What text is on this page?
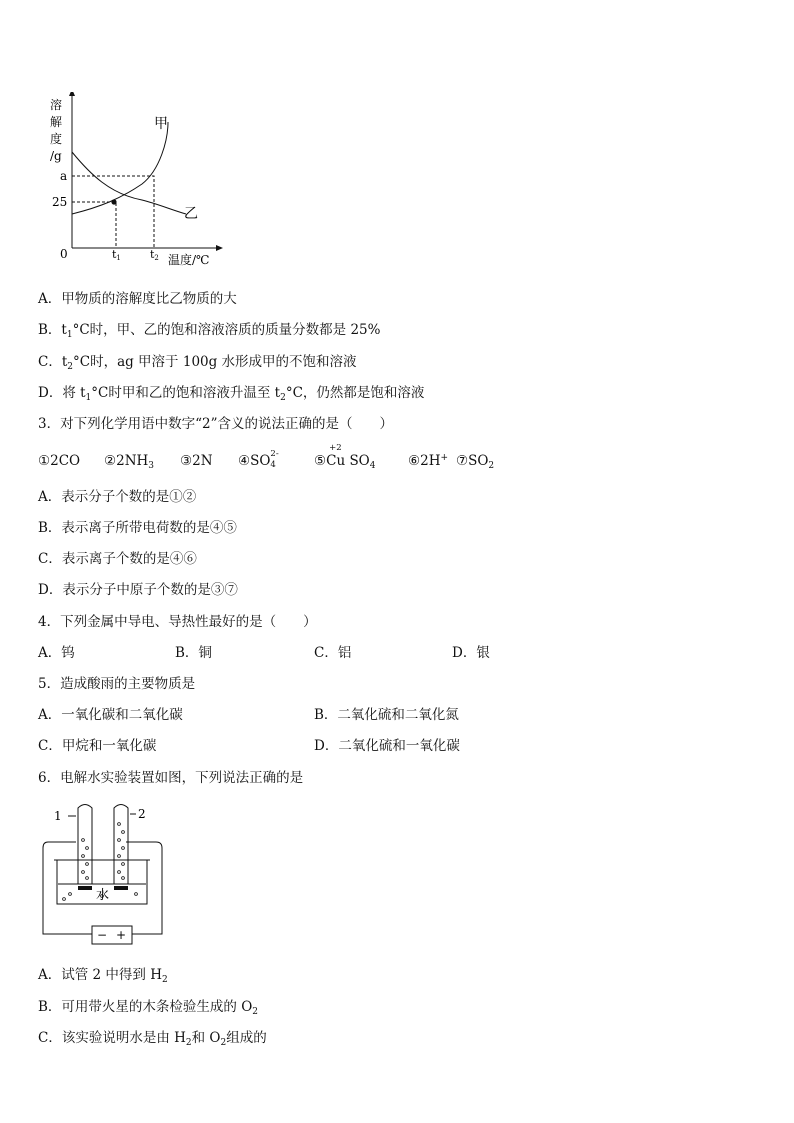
溶
解
度
/g
a
25
0	t1	t2 温度/℃
甲
乙
A．甲物质的溶解度比乙物质的大
B．$t_1^\circ C$时，甲、乙的饱和溶液溶质的质量分数都是 25%
C．$t_2^\circ C$时，ag 甲溶于 100g 水形成甲的不饱和溶液
D．将 $t_1^\circ C$时甲和乙的饱和溶液升温至 $t_2^\circ C$，仍然都是饱和溶液
3．对下列化学用语中数字“2”含义的说法正确的是（　　）
①2CO $②2NH_3$ ③2N ④SO 2-
4	⑤
+2
Cu $SO_4$ ⑥2H+ $⑦SO_2$
A．表示分子个数的是①②
B．表示离子所带电荷数的是④⑤
C．表示离子个数的是④⑥
D．表示分子中原子个数的是③⑦
4．下列金属中导电、导热性最好的是（　　）
A．钨	B．铜	C．铝	D．银
5．造成酸雨的主要物质是
A．一氧化碳和二氧化碳	B．二氧化硫和二氧化氮
C．甲烷和一氧化碳	D．二氧化硫和一氧化碳
6．电解水实验装置如图，下列说法正确的是
1	2
水
− +
A．试管 2 中得到 $H_2$
B．可用带火星的木条检验生成的 $O_2$
C．该实验说明水是由 $H_2$和 $O_2$组成的
